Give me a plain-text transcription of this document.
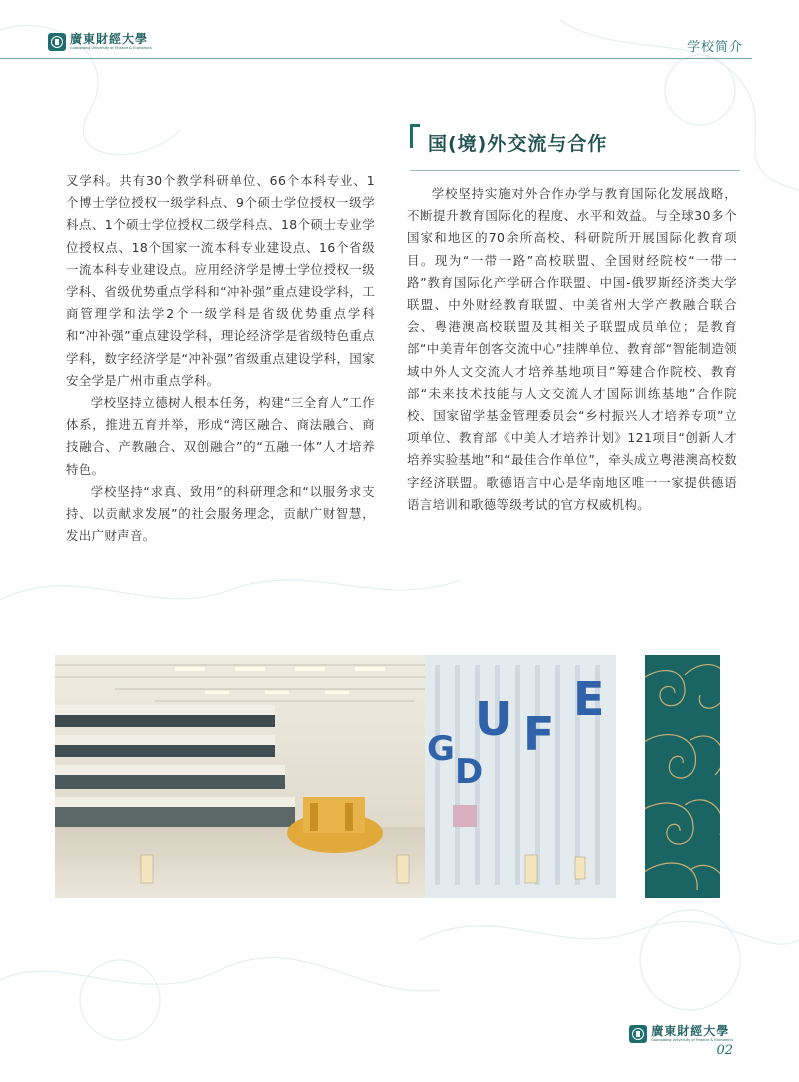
廣東財經大學
Guangdong University of Finance & Economics	学校简介
国(境)外交流与合作

叉学科。共有30个教学科研单位、66个本科专业、1个博士学位授权一级学科点、9个硕士学位授权一级学科点、1个硕士学位授权二级学科点、18个硕士专业学位授权点、18个国家一流本科专业建设点、16个省级一流本科专业建设点。应用经济学是博士学位授权一级学科、省级优势重点学科和“冲补强”重点建设学科，工商管理学和法学2个一级学科是省级优势重点学科和“冲补强”重点建设学科，理论经济学是省级特色重点学科，数字经济学是“冲补强”省级重点建设学科，国家安全学是广州市重点学科。

学校坚持立德树人根本任务，构建“三全育人”工作体系，推进五育并举，形成“湾区融合、商法融合、商技融合、产教融合、双创融合”的“五融一体”人才培养特色。

学校坚持“求真、致用”的科研理念和“以服务求支持、以贡献求发展”的社会服务理念，贡献广财智慧，发出广财声音。

学校坚持实施对外合作办学与教育国际化发展战略，不断提升教育国际化的程度、水平和效益。与全球30多个国家和地区的70余所高校、科研院所开展国际化教育项目。现为“一带一路”高校联盟、全国财经院校“一带一路”教育国际化产学研合作联盟、中国-俄罗斯经济类大学联盟、中外财经教育联盟、中美省州大学产教融合联合会、粤港澳高校联盟及其相关子联盟成员单位；是教育部“中美青年创客交流中心”挂牌单位、教育部“智能制造领域中外人文交流人才培养基地项目”筹建合作院校、教育部“未来技术技能与人文交流人才国际训练基地”合作院校、国家留学基金管理委员会“乡村振兴人才培养专项”立项单位、教育部《中美人才培养计划》121项目“创新人才培养实验基地”和“最佳合作单位”，牵头成立粤港澳高校数字经济联盟。歌德语言中心是华南地区唯一一家提供德语语言培训和歌德等级考试的官方权威机构。

G
D
U F
E
廣東財經大學
Guangdong University of Finance & Economics
02
